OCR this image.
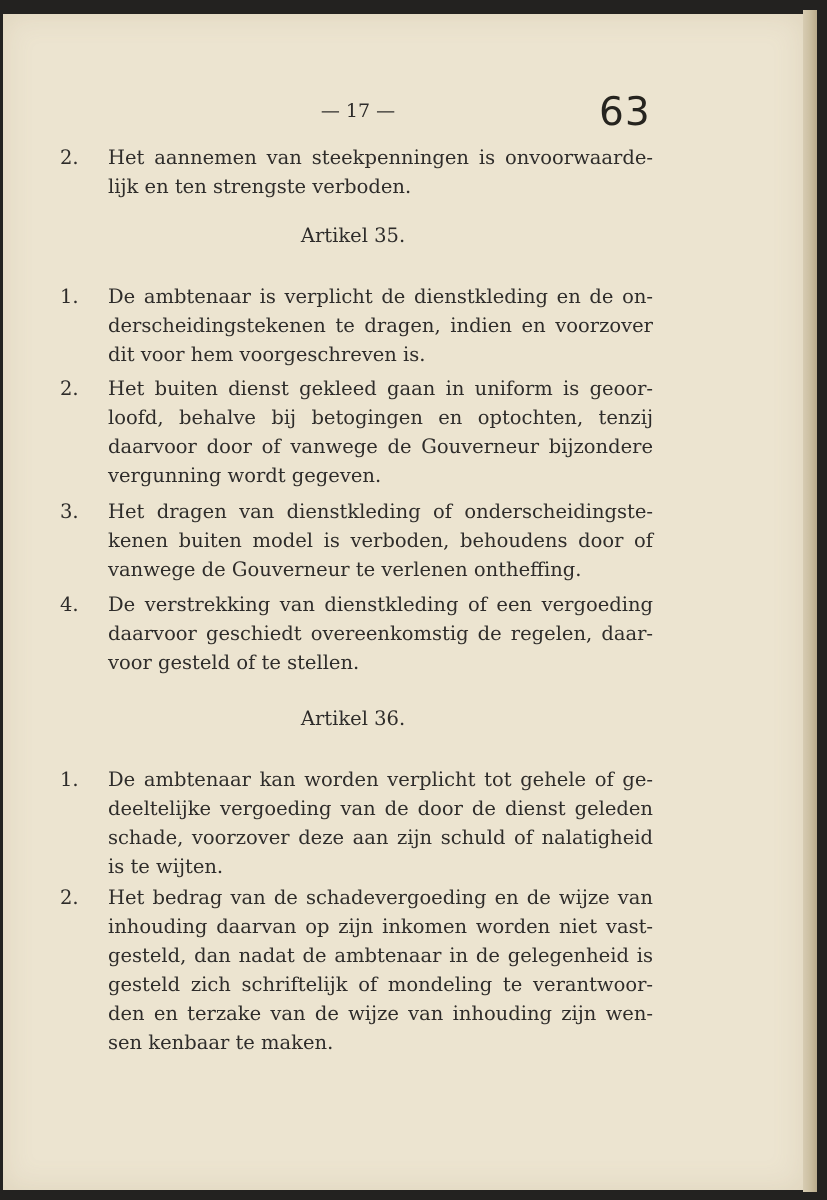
— 17 —	63
2. Het aannemen van steekpenningen is onvoorwaarde-
lijk en ten strengste verboden.
Artikel 35.
1. De ambtenaar is verplicht de dienstkleding en de on-
derscheidingstekenen te dragen, indien en voorzover
dit voor hem voorgeschreven is.
2. Het buiten dienst gekleed gaan in uniform is geoor-
loofd, behalve bij betogingen en optochten, tenzij
daarvoor door of vanwege de Gouverneur bijzondere
vergunning wordt gegeven.
3. Het dragen van dienstkleding of onderscheidingste-
kenen buiten model is verboden, behoudens door of
vanwege de Gouverneur te verlenen ontheffing.
4. De verstrekking van dienstkleding of een vergoeding
daarvoor geschiedt overeenkomstig de regelen, daar-
voor gesteld of te stellen.
Artikel 36.
1. De ambtenaar kan worden verplicht tot gehele of ge-
deeltelijke vergoeding van de door de dienst geleden
schade, voorzover deze aan zijn schuld of nalatigheid
is te wijten.
2. Het bedrag van de schadevergoeding en de wijze van
inhouding daarvan op zijn inkomen worden niet vast-
gesteld, dan nadat de ambtenaar in de gelegenheid is
gesteld zich schriftelijk of mondeling te verantwoor-
den en terzake van de wijze van inhouding zijn wen-
sen kenbaar te maken.
